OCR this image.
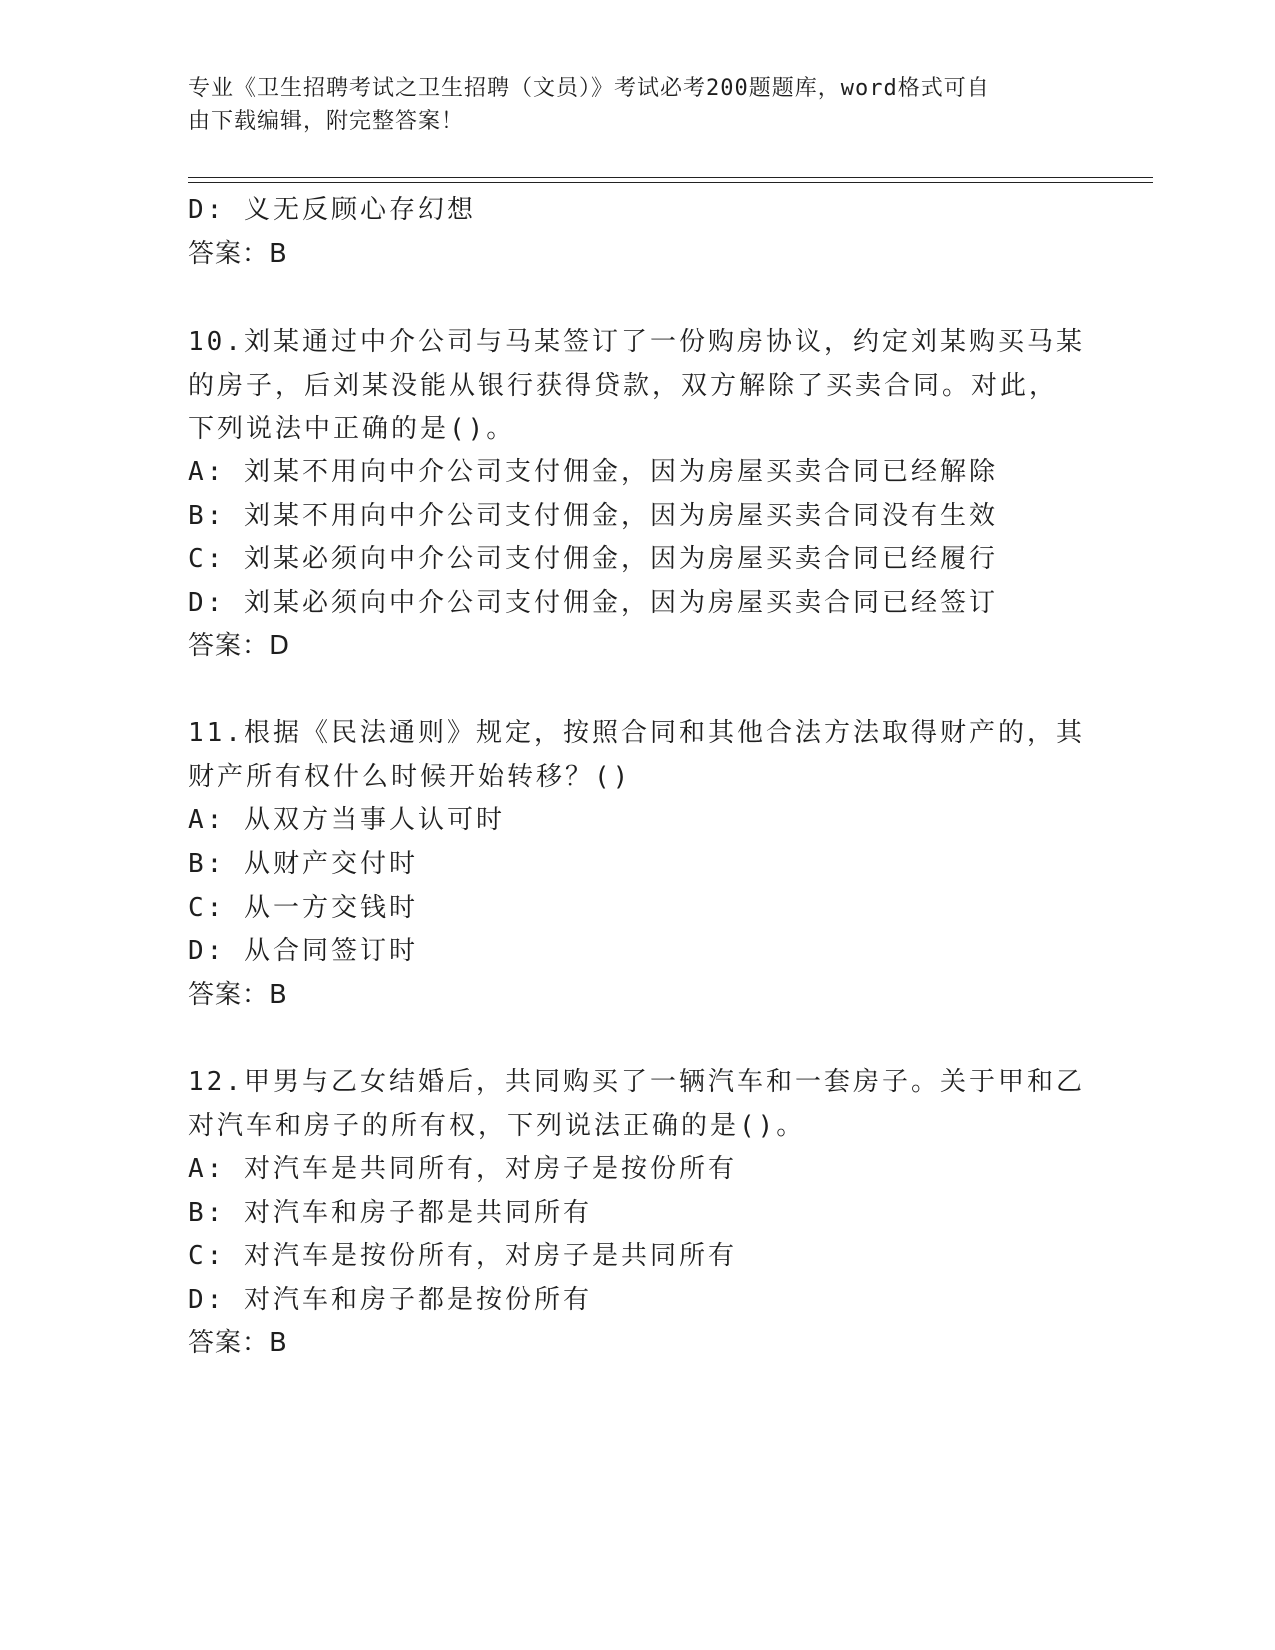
专业《卫生招聘考试之卫生招聘（文员）》考试必考200题题库，word格式可自
由下载编辑，附完整答案！
D: 义无反顾心存幻想
答案：B
10.刘某通过中介公司与马某签订了一份购房协议，约定刘某购买马某
的房子，后刘某没能从银行获得贷款，双方解除了买卖合同。对此，
下列说法中正确的是()。
A: 刘某不用向中介公司支付佣金，因为房屋买卖合同已经解除
B: 刘某不用向中介公司支付佣金，因为房屋买卖合同没有生效
C: 刘某必须向中介公司支付佣金，因为房屋买卖合同已经履行
D: 刘某必须向中介公司支付佣金，因为房屋买卖合同已经签订
答案：D
11.根据《民法通则》规定，按照合同和其他合法方法取得财产的，其
财产所有权什么时候开始转移？()
A: 从双方当事人认可时
B: 从财产交付时
C: 从一方交钱时
D: 从合同签订时
答案：B
12.甲男与乙女结婚后，共同购买了一辆汽车和一套房子。关于甲和乙
对汽车和房子的所有权，下列说法正确的是()。
A: 对汽车是共同所有，对房子是按份所有
B: 对汽车和房子都是共同所有
C: 对汽车是按份所有，对房子是共同所有
D: 对汽车和房子都是按份所有
答案：B
